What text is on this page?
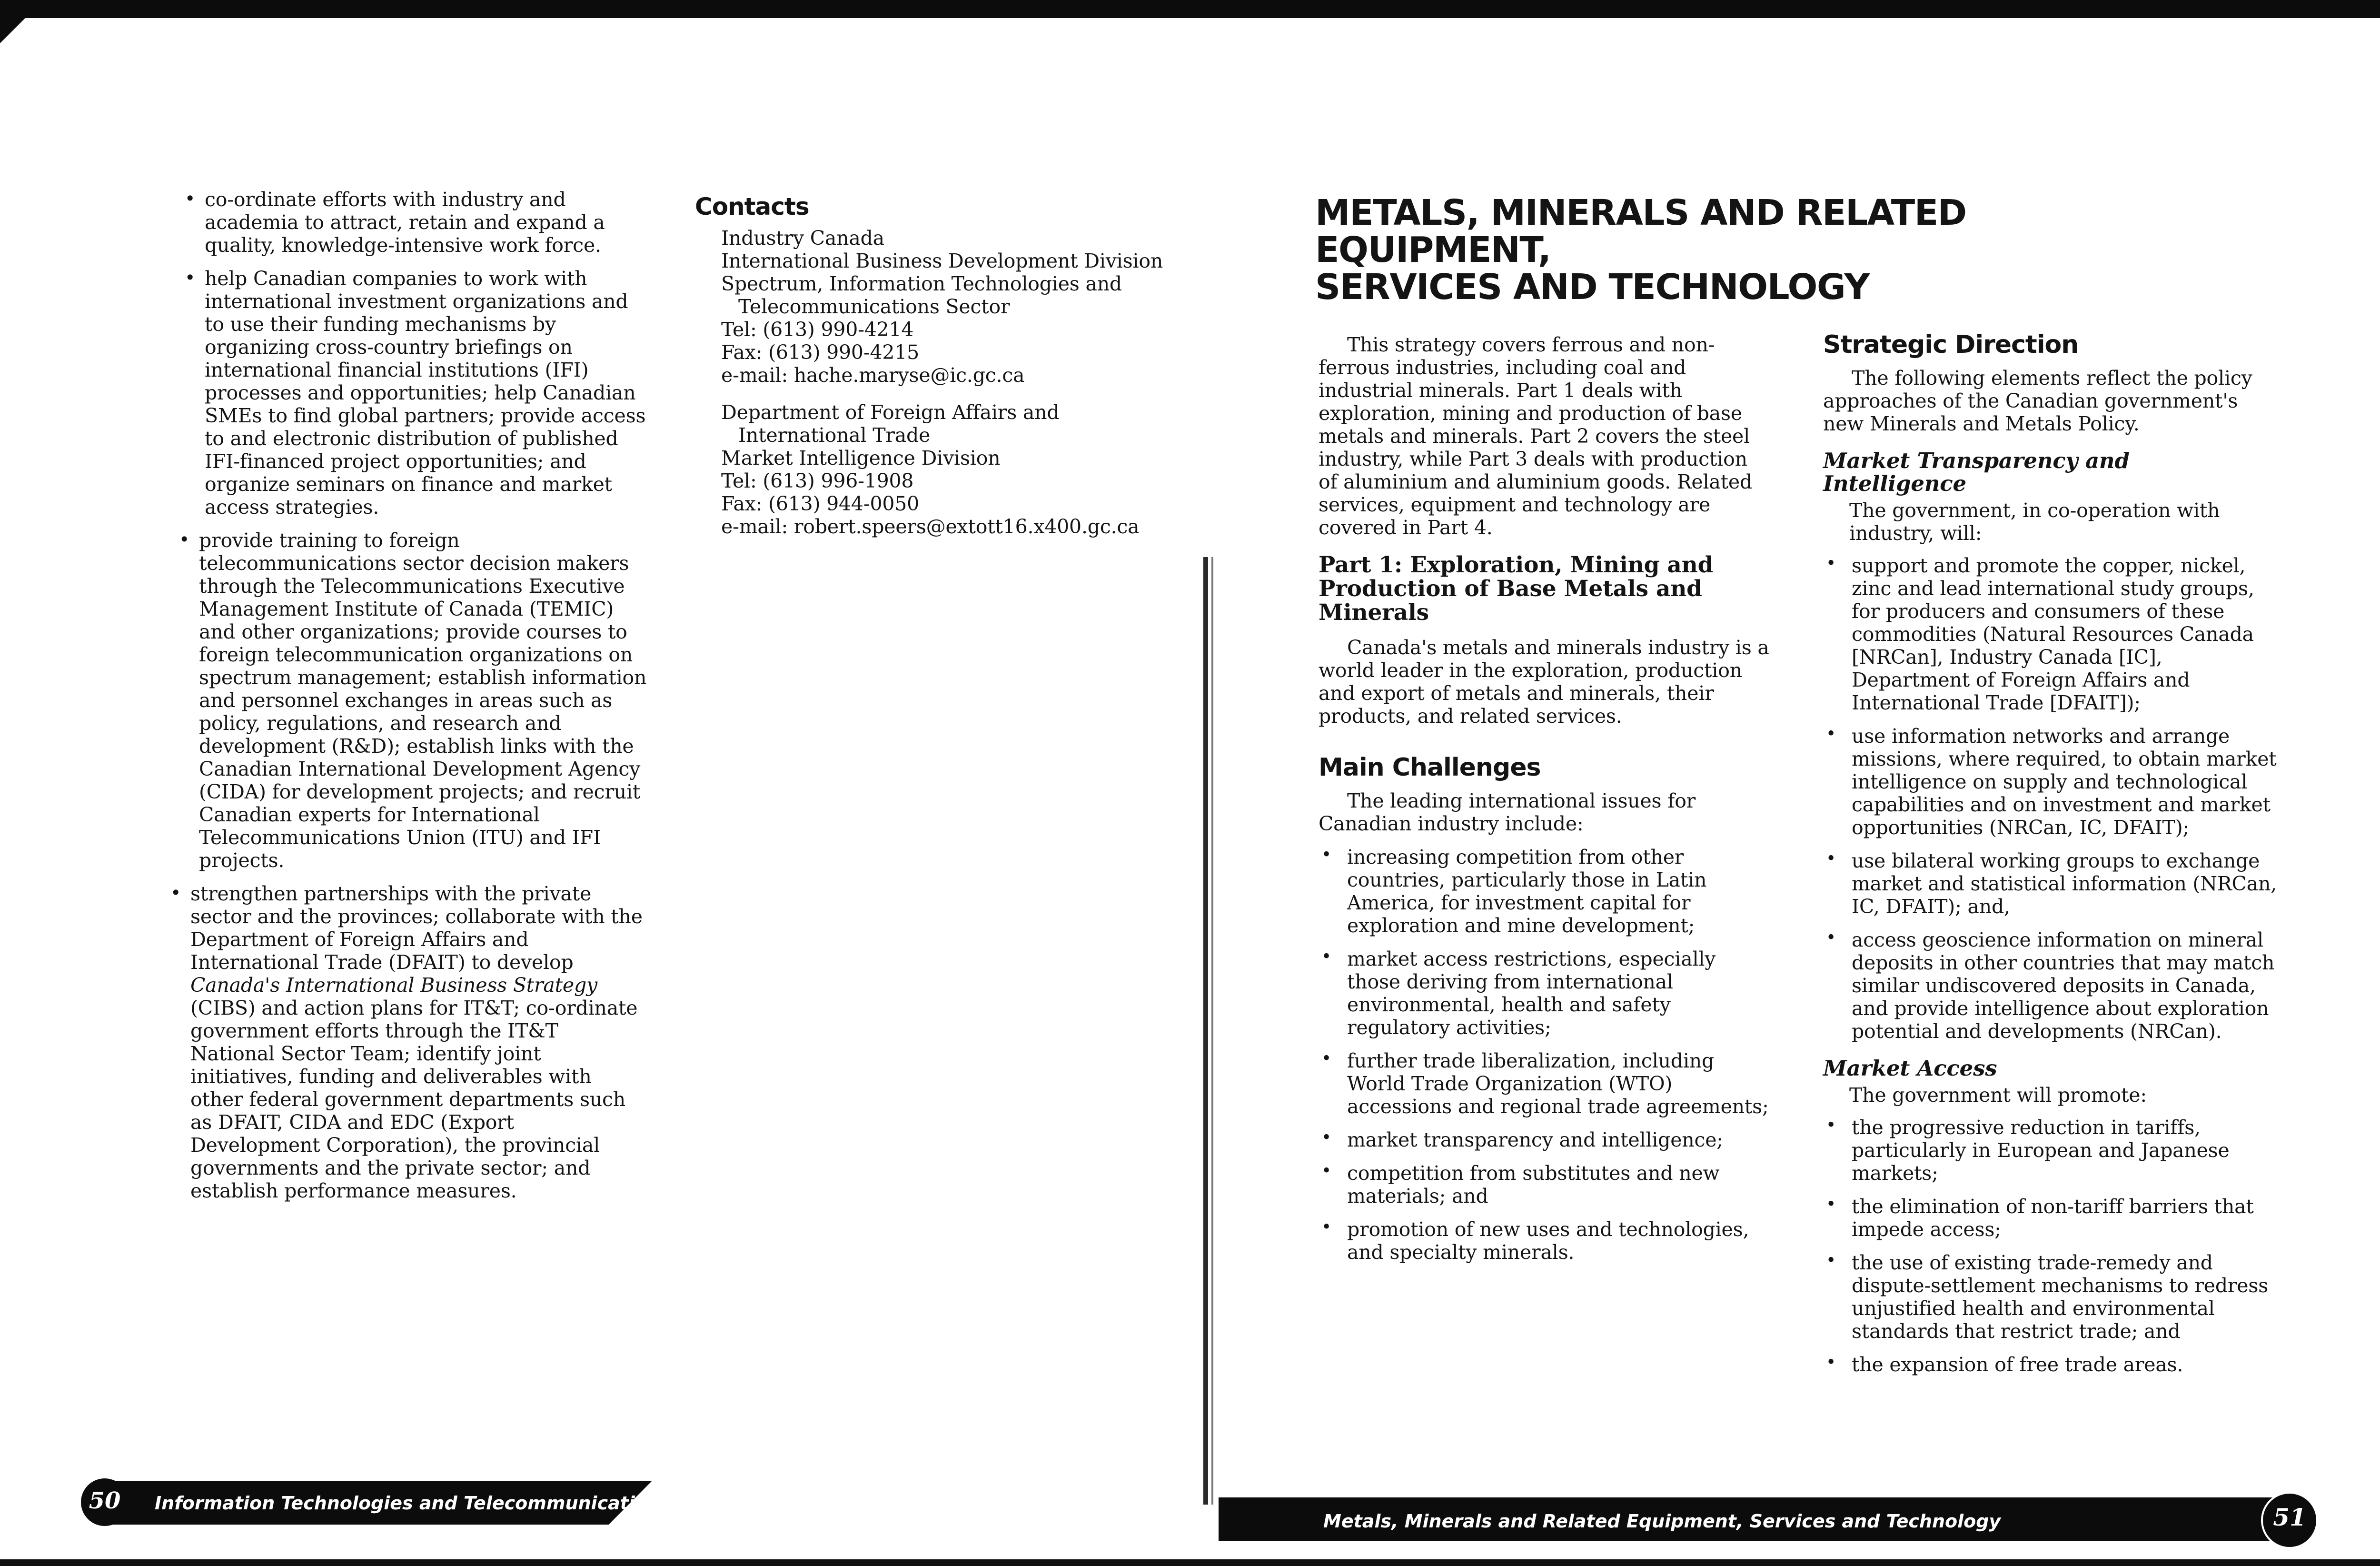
• co-ordinate efforts with industry and academia to attract, retain and expand a quality, knowledge-intensive work force.
• help Canadian companies to work with international investment organizations and to use their funding mechanisms by organizing cross-country briefings on international financial institutions (IFI) processes and opportunities; help Canadian SMEs to find global partners; provide access to and electronic distribution of published IFI-financed project opportunities; and organize seminars on finance and market access strategies.
• provide training to foreign telecommunications sector decision makers through the Telecommunications Executive Management Institute of Canada (TEMIC) and other organizations; provide courses to foreign telecommunication organizations on spectrum management; establish information and personnel exchanges in areas such as policy, regulations, and research and development (R&D); establish links with the Canadian International Development Agency (CIDA) for development projects; and recruit Canadian experts for International Telecommunications Union (ITU) and IFI projects.
• strengthen partnerships with the private sector and the provinces; collaborate with the Department of Foreign Affairs and International Trade (DFAIT) to develop Canada's International Business Strategy (CIBS) and action plans for IT&T; co-ordinate government efforts through the IT&T National Sector Team; identify joint initiatives, funding and deliverables with other federal government departments such as DFAIT, CIDA and EDC (Export Development Corporation), the provincial governments and the private sector; and establish performance measures.
Contacts
Industry Canada
International Business Development Division
Spectrum, Information Technologies and
Telecommunications Sector
Tel: (613) 990-4214
Fax: (613) 990-4215
e-mail: hache.maryse@ic.gc.ca
Department of Foreign Affairs and
International Trade
Market Intelligence Division
Tel: (613) 996-1908
Fax: (613) 944-0050
e-mail: robert.speers@extott16.x400.gc.ca
METALS, MINERALS AND RELATED EQUIPMENT,
SERVICES AND TECHNOLOGY

This strategy covers ferrous and non-ferrous industries, including coal and industrial minerals. Part 1 deals with exploration, mining and production of base metals and minerals. Part 2 covers the steel industry, while Part 3 deals with production of aluminium and aluminium goods. Related services, equipment and technology are covered in Part 4.

Part 1: Exploration, Mining and Production of Base Metals and Minerals

Canada's metals and minerals industry is a world leader in the exploration, production and export of metals and minerals, their products, and related services.

Main Challenges

The leading international issues for Canadian industry include:

• increasing competition from other countries, particularly those in Latin America, for investment capital for exploration and mine development;
• market access restrictions, especially those deriving from international environmental, health and safety regulatory activities;
• further trade liberalization, including World Trade Organization (WTO) accessions and regional trade agreements;
• market transparency and intelligence;
• competition from substitutes and new materials; and
• promotion of new uses and technologies, and specialty minerals.
Strategic Direction

The following elements reflect the policy approaches of the Canadian government's new Minerals and Metals Policy.

Market Transparency and Intelligence

The government, in co-operation with industry, will:

• support and promote the copper, nickel, zinc and lead international study groups, for producers and consumers of these commodities (Natural Resources Canada [NRCan], Industry Canada [IC], Department of Foreign Affairs and International Trade [DFAIT]);
• use information networks and arrange missions, where required, to obtain market intelligence on supply and technological capabilities and on investment and market opportunities (NRCan, IC, DFAIT);
• use bilateral working groups to exchange market and statistical information (NRCan, IC, DFAIT); and,
• access geoscience information on mineral deposits in other countries that may match similar undiscovered deposits in Canada, and provide intelligence about exploration potential and developments (NRCan).
Market Access

The government will promote:

• the progressive reduction in tariffs, particularly in European and Japanese markets;
• the elimination of non-tariff barriers that impede access;
• the use of existing trade-remedy and dispute-settlement mechanisms to redress unjustified health and environmental standards that restrict trade; and
• the expansion of free trade areas.
50	Information Technologies and Telecommunication
Metals, Minerals and Related Equipment, Services and Technology	51
